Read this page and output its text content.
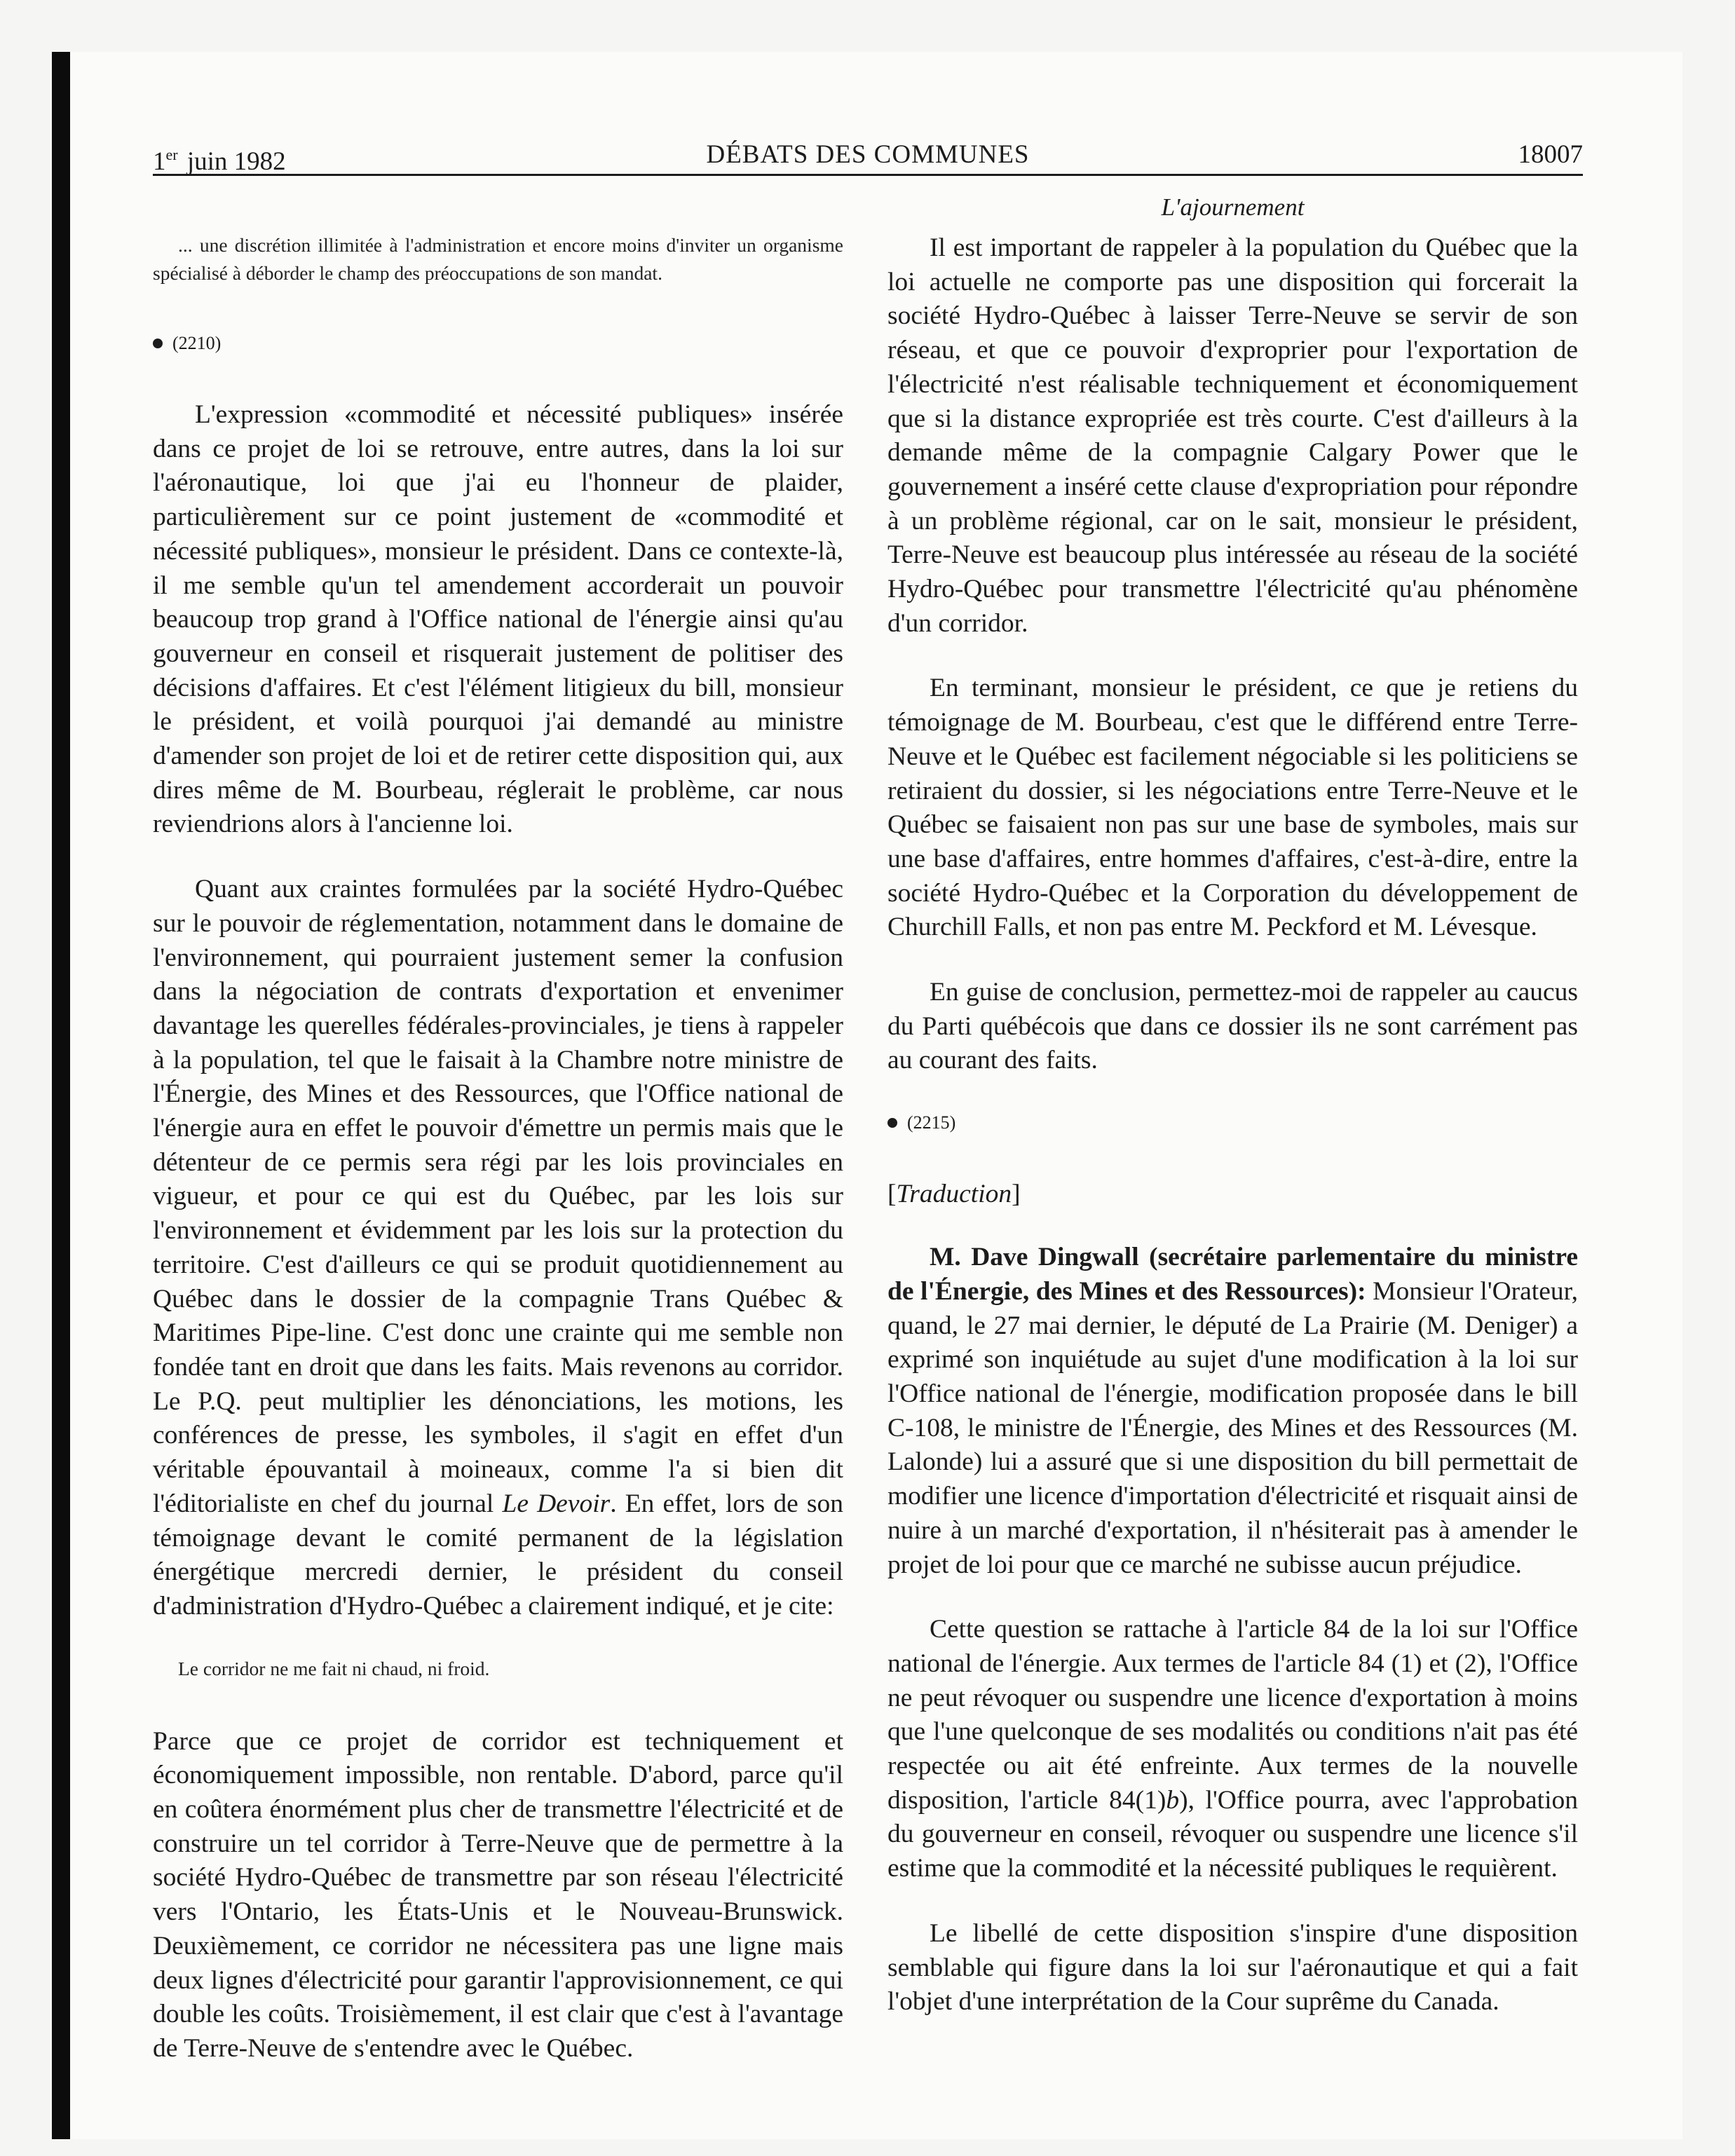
1er juin 1982	DÉBATS DES COMMUNES	18007

... une discrétion illimitée à l'administration et encore moins d'inviter un organisme spécialisé à déborder le champ des préoccupations de son mandat.

(2210)

L'expression «commodité et nécessité publiques» insérée dans ce projet de loi se retrouve, entre autres, dans la loi sur l'aéronautique, loi que j'ai eu l'honneur de plaider, particulièrement sur ce point justement de «commodité et nécessité publiques», monsieur le président. Dans ce contexte-là, il me semble qu'un tel amendement accorderait un pouvoir beaucoup trop grand à l'Office national de l'énergie ainsi qu'au gouverneur en conseil et risquerait justement de politiser des décisions d'affaires. Et c'est l'élément litigieux du bill, monsieur le président, et voilà pourquoi j'ai demandé au ministre d'amender son projet de loi et de retirer cette disposition qui, aux dires même de M. Bourbeau, réglerait le problème, car nous reviendrions alors à l'ancienne loi.

Quant aux craintes formulées par la société Hydro-Québec sur le pouvoir de réglementation, notamment dans le domaine de l'environnement, qui pourraient justement semer la confusion dans la négociation de contrats d'exportation et envenimer davantage les querelles fédérales-provinciales, je tiens à rappeler à la population, tel que le faisait à la Chambre notre ministre de l'Énergie, des Mines et des Ressources, que l'Office national de l'énergie aura en effet le pouvoir d'émettre un permis mais que le détenteur de ce permis sera régi par les lois provinciales en vigueur, et pour ce qui est du Québec, par les lois sur l'environnement et évidemment par les lois sur la protection du territoire. C'est d'ailleurs ce qui se produit quotidiennement au Québec dans le dossier de la compagnie Trans Québec & Maritimes Pipe-line. C'est donc une crainte qui me semble non fondée tant en droit que dans les faits. Mais revenons au corridor. Le P.Q. peut multiplier les dénonciations, les motions, les conférences de presse, les symboles, il s'agit en effet d'un véritable épouvantail à moineaux, comme l'a si bien dit l'éditorialiste en chef du journal Le Devoir. En effet, lors de son témoignage devant le comité permanent de la législation énergétique mercredi dernier, le président du conseil d'administration d'Hydro-Québec a clairement indiqué, et je cite:

Le corridor ne me fait ni chaud, ni froid.

Parce que ce projet de corridor est techniquement et économiquement impossible, non rentable. D'abord, parce qu'il en coûtera énormément plus cher de transmettre l'électricité et de construire un tel corridor à Terre-Neuve que de permettre à la société Hydro-Québec de transmettre par son réseau l'électricité vers l'Ontario, les États-Unis et le Nouveau-Brunswick. Deuxièmement, ce corridor ne nécessitera pas une ligne mais deux lignes d'électricité pour garantir l'approvisionnement, ce qui double les coûts. Troisièmement, il est clair que c'est à l'avantage de Terre-Neuve de s'entendre avec le Québec.

L'ajournement

Il est important de rappeler à la population du Québec que la loi actuelle ne comporte pas une disposition qui forcerait la société Hydro-Québec à laisser Terre-Neuve se servir de son réseau, et que ce pouvoir d'exproprier pour l'exportation de l'électricité n'est réalisable techniquement et économiquement que si la distance expropriée est très courte. C'est d'ailleurs à la demande même de la compagnie Calgary Power que le gouvernement a inséré cette clause d'expropriation pour répondre à un problème régional, car on le sait, monsieur le président, Terre-Neuve est beaucoup plus intéressée au réseau de la société Hydro-Québec pour transmettre l'électricité qu'au phénomène d'un corridor.

En terminant, monsieur le président, ce que je retiens du témoignage de M. Bourbeau, c'est que le différend entre Terre-Neuve et le Québec est facilement négociable si les politiciens se retiraient du dossier, si les négociations entre Terre-Neuve et le Québec se faisaient non pas sur une base de symboles, mais sur une base d'affaires, entre hommes d'affaires, c'est-à-dire, entre la société Hydro-Québec et la Corporation du développement de Churchill Falls, et non pas entre M. Peckford et M. Lévesque.

En guise de conclusion, permettez-moi de rappeler au caucus du Parti québécois que dans ce dossier ils ne sont carrément pas au courant des faits.

(2215)

[Traduction]

M. Dave Dingwall (secrétaire parlementaire du ministre de l'Énergie, des Mines et des Ressources): Monsieur l'Orateur, quand, le 27 mai dernier, le député de La Prairie (M. Deniger) a exprimé son inquiétude au sujet d'une modification à la loi sur l'Office national de l'énergie, modification proposée dans le bill C-108, le ministre de l'Énergie, des Mines et des Ressources (M. Lalonde) lui a assuré que si une disposition du bill permettait de modifier une licence d'importation d'électricité et risquait ainsi de nuire à un marché d'exportation, il n'hésiterait pas à amender le projet de loi pour que ce marché ne subisse aucun préjudice.

Cette question se rattache à l'article 84 de la loi sur l'Office national de l'énergie. Aux termes de l'article 84 (1) et (2), l'Office ne peut révoquer ou suspendre une licence d'exportation à moins que l'une quelconque de ses modalités ou conditions n'ait pas été respectée ou ait été enfreinte. Aux termes de la nouvelle disposition, l'article 84(1)b), l'Office pourra, avec l'approbation du gouverneur en conseil, révoquer ou suspendre une licence s'il estime que la commodité et la nécessité publiques le requièrent.

Le libellé de cette disposition s'inspire d'une disposition semblable qui figure dans la loi sur l'aéronautique et qui a fait l'objet d'une interprétation de la Cour suprême du Canada.
